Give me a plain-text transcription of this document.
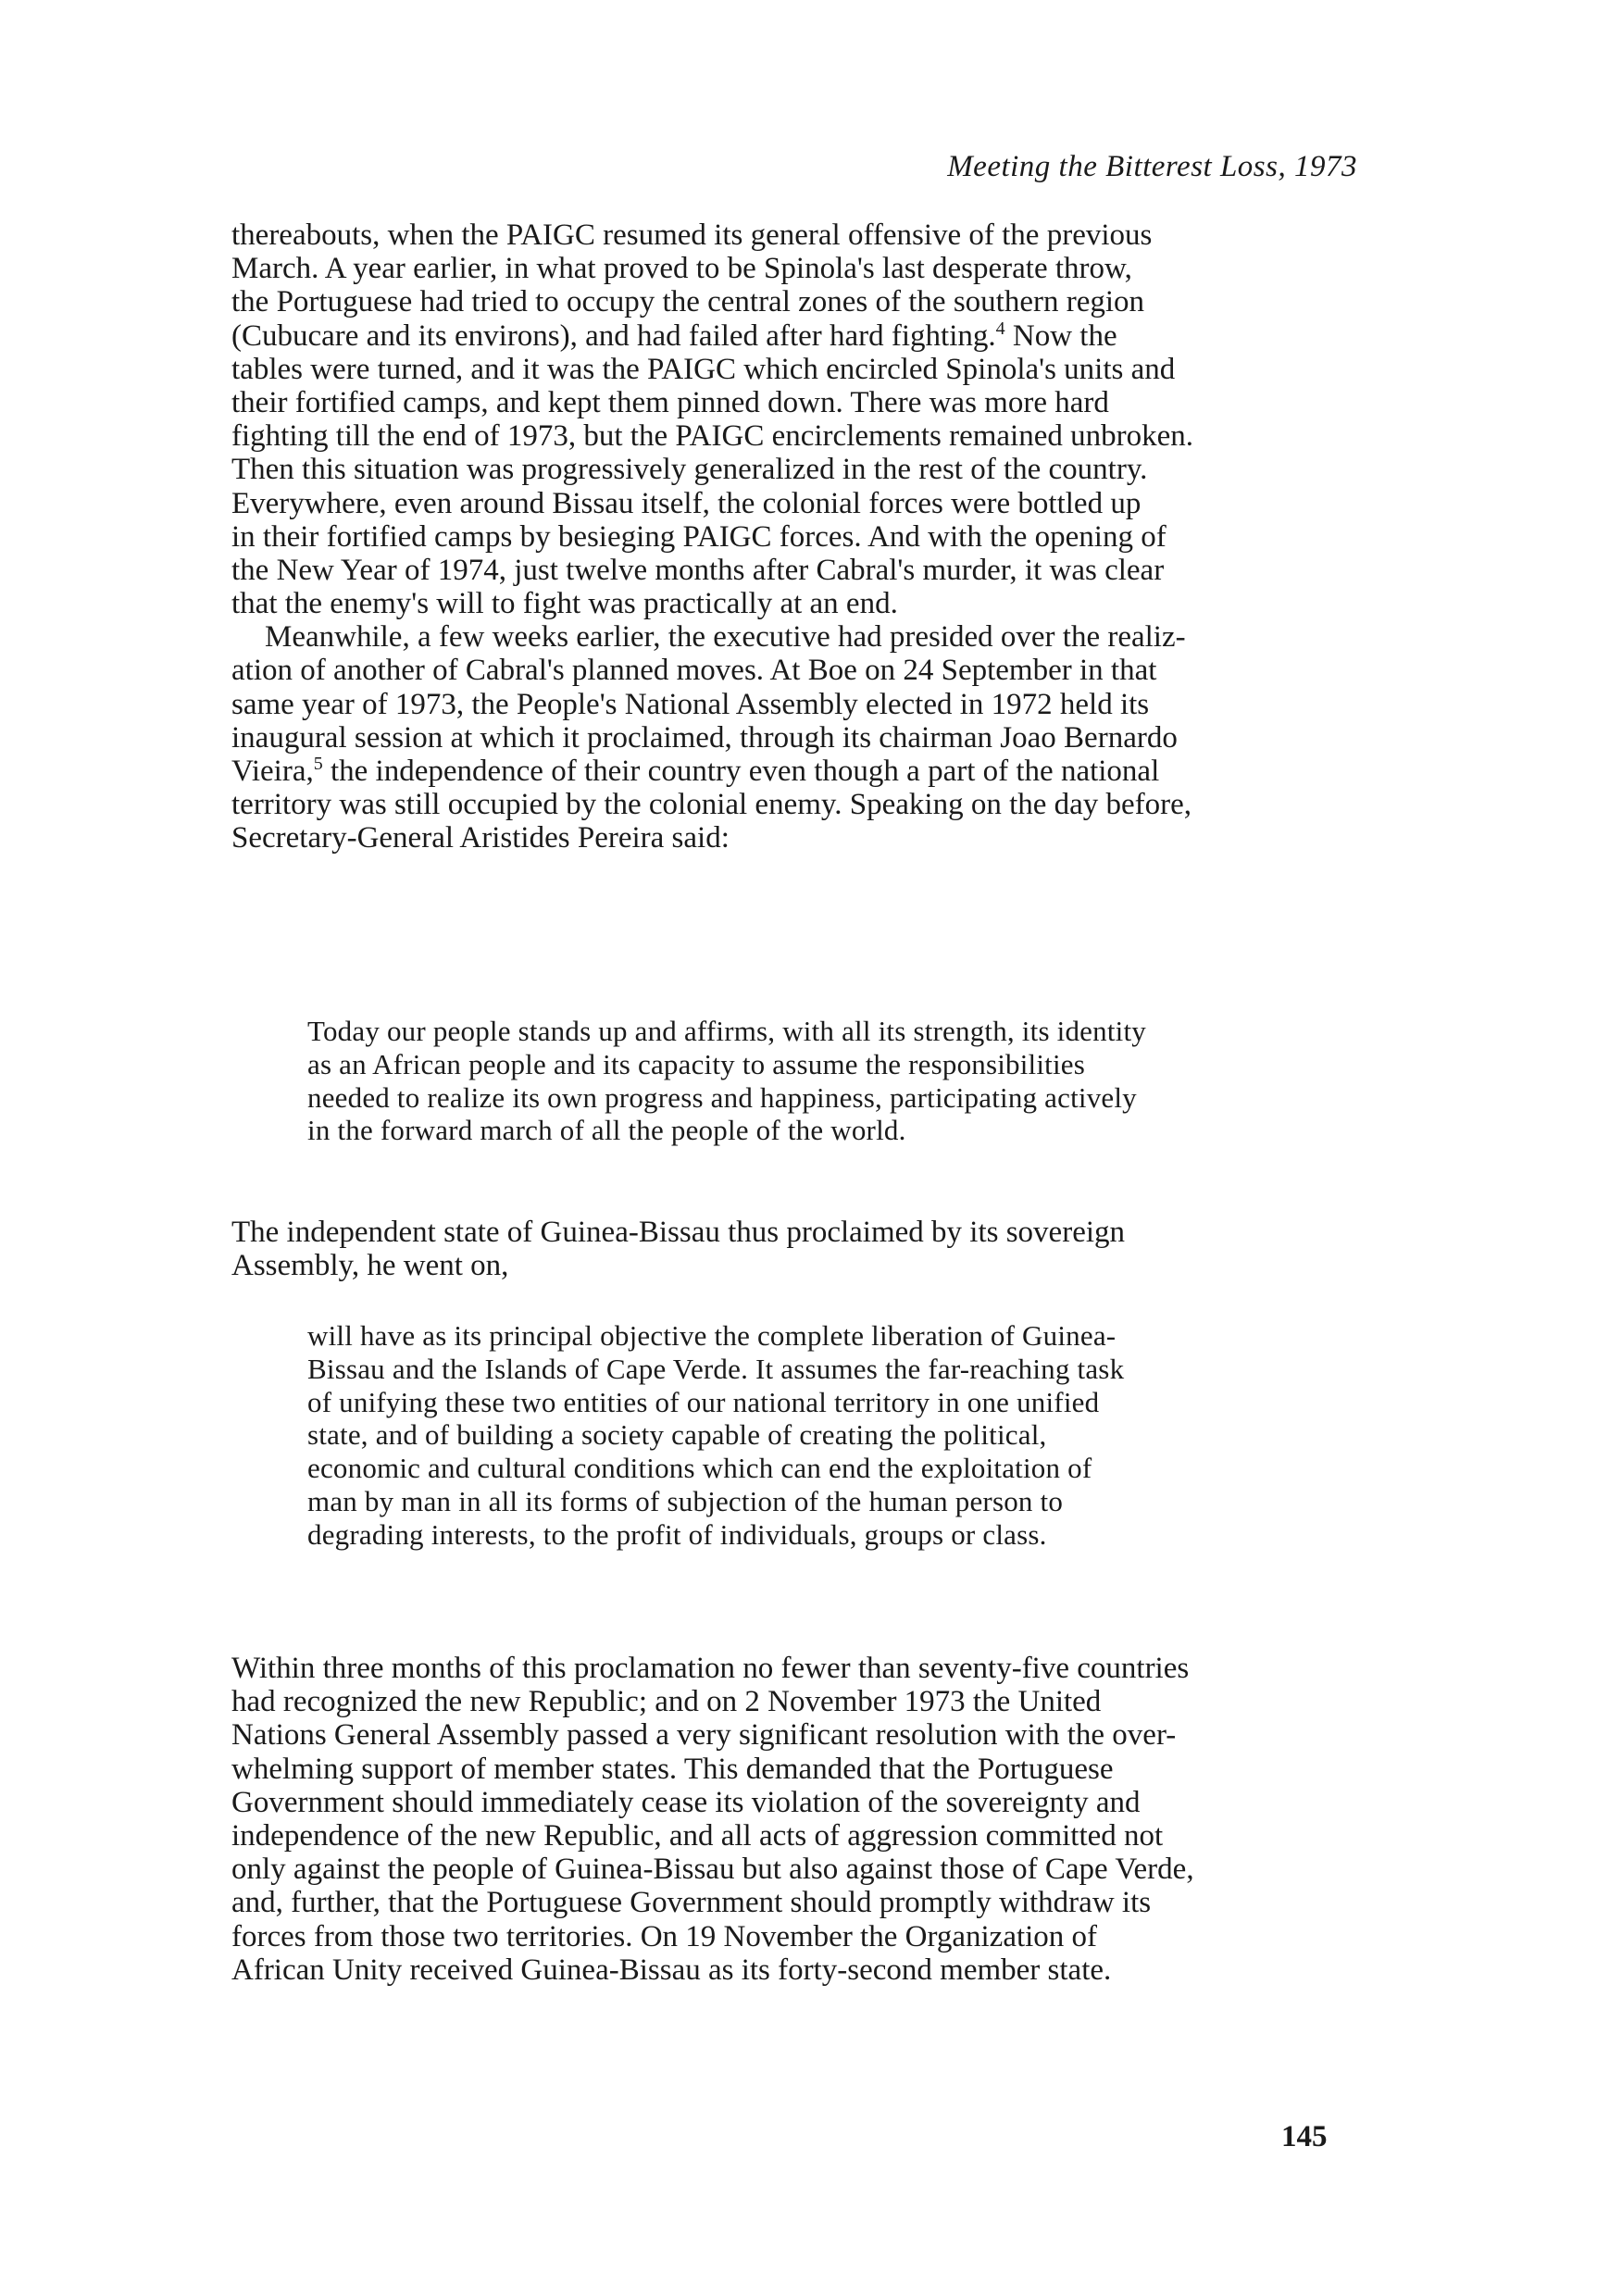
Meeting the Bitterest Loss, 1973
thereabouts, when the PAIGC resumed its general offensive of the previous
March. A year earlier, in what proved to be Spinola's last desperate throw,
the Portuguese had tried to occupy the central zones of the southern region
(Cubucare and its environs), and had failed after hard fighting.$^4$ Now the
tables were turned, and it was the PAIGC which encircled Spinola's units and
their fortified camps, and kept them pinned down. There was more hard
fighting till the end of 1973, but the PAIGC encirclements remained unbroken.
Then this situation was progressively generalized in the rest of the country.
Everywhere, even around Bissau itself, the colonial forces were bottled up
in their fortified camps by besieging PAIGC forces. And with the opening of
the New Year of 1974, just twelve months after Cabral's murder, it was clear
that the enemy's will to fight was practically at an end.
Meanwhile, a few weeks earlier, the executive had presided over the realiz-
ation of another of Cabral's planned moves. At Boe on 24 September in that
same year of 1973, the People's National Assembly elected in 1972 held its
inaugural session at which it proclaimed, through its chairman Joao Bernardo
Vieira,$^5$ the independence of their country even though a part of the national
territory was still occupied by the colonial enemy. Speaking on the day before,
Secretary-General Aristides Pereira said:
Today our people stands up and affirms, with all its strength, its identity
as an African people and its capacity to assume the responsibilities
needed to realize its own progress and happiness, participating actively
in the forward march of all the people of the world.
The independent state of Guinea-Bissau thus proclaimed by its sovereign
Assembly, he went on,
will have as its principal objective the complete liberation of Guinea-
Bissau and the Islands of Cape Verde. It assumes the far-reaching task
of unifying these two entities of our national territory in one unified
state, and of building a society capable of creating the political,
economic and cultural conditions which can end the exploitation of
man by man in all its forms of subjection of the human person to
degrading interests, to the profit of individuals, groups or class.
Within three months of this proclamation no fewer than seventy-five countries
had recognized the new Republic; and on 2 November 1973 the United
Nations General Assembly passed a very significant resolution with the over-
whelming support of member states. This demanded that the Portuguese
Government should immediately cease its violation of the sovereignty and
independence of the new Republic, and all acts of aggression committed not
only against the people of Guinea-Bissau but also against those of Cape Verde,
and, further, that the Portuguese Government should promptly withdraw its
forces from those two territories. On 19 November the Organization of
African Unity received Guinea-Bissau as its forty-second member state.
145
